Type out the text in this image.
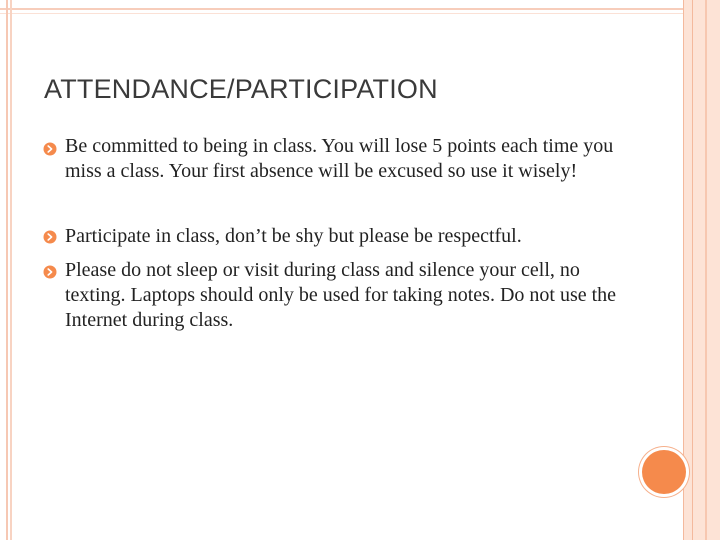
ATTENDANCE/PARTICIPATION
Be committed to being in class. You will lose 5 points each time you miss a class. Your first absence will be excused so use it wisely!
Participate in class, don’t be shy but please be respectful.
Please do not sleep or visit during class and silence your cell, no texting. Laptops should only be used for taking notes. Do not use the Internet during class.
